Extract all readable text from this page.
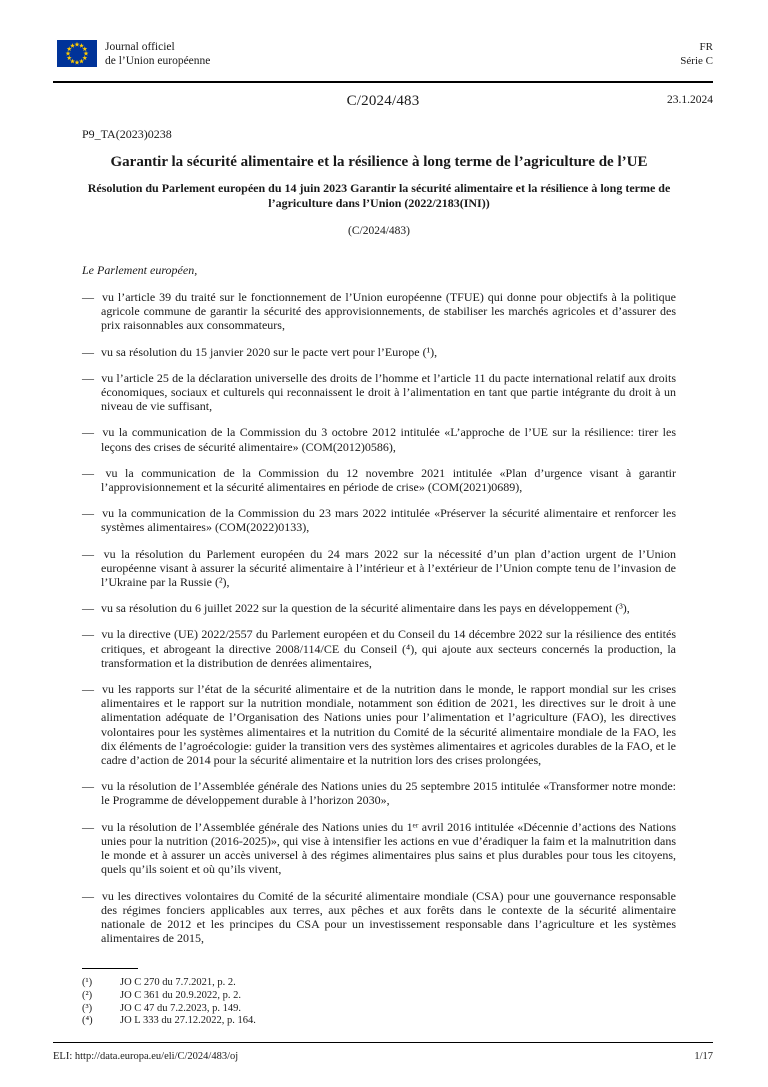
Journal officiel
de l’Union européenne
FR
Série C
C/2024/483	23.1.2024
P9_TA(2023)0238
Garantir la sécurité alimentaire et la résilience à long terme de l’agriculture de l’UE
Résolution du Parlement européen du 14 juin 2023 Garantir la sécurité alimentaire et la résilience à long terme de l’agriculture dans l’Union (2022/2183(INI))
(C/2024/483)
Le Parlement européen,
— vu l’article 39 du traité sur le fonctionnement de l’Union européenne (TFUE) qui donne pour objectifs à la politique agricole commune de garantir la sécurité des approvisionnements, de stabiliser les marchés agricoles et d’assurer des prix raisonnables aux consommateurs,
— vu sa résolution du 15 janvier 2020 sur le pacte vert pour l’Europe (¹),
— vu l’article 25 de la déclaration universelle des droits de l’homme et l’article 11 du pacte international relatif aux droits économiques, sociaux et culturels qui reconnaissent le droit à l’alimentation en tant que partie intégrante du droit à un niveau de vie suffisant,
— vu la communication de la Commission du 3 octobre 2012 intitulée «L’approche de l’UE sur la résilience: tirer les leçons des crises de sécurité alimentaire» (COM(2012)0586),
— vu la communication de la Commission du 12 novembre 2021 intitulée «Plan d’urgence visant à garantir l’approvisionnement et la sécurité alimentaires en période de crise» (COM(2021)0689),
— vu la communication de la Commission du 23 mars 2022 intitulée «Préserver la sécurité alimentaire et renforcer les systèmes alimentaires» (COM(2022)0133),
— vu la résolution du Parlement européen du 24 mars 2022 sur la nécessité d’un plan d’action urgent de l’Union européenne visant à assurer la sécurité alimentaire à l’intérieur et à l’extérieur de l’Union compte tenu de l’invasion de l’Ukraine par la Russie (²),
— vu sa résolution du 6 juillet 2022 sur la question de la sécurité alimentaire dans les pays en développement (³),
— vu la directive (UE) 2022/2557 du Parlement européen et du Conseil du 14 décembre 2022 sur la résilience des entités critiques, et abrogeant la directive 2008/114/CE du Conseil (⁴), qui ajoute aux secteurs concernés la production, la transformation et la distribution de denrées alimentaires,
— vu les rapports sur l’état de la sécurité alimentaire et de la nutrition dans le monde, le rapport mondial sur les crises alimentaires et le rapport sur la nutrition mondiale, notamment son édition de 2021, les directives sur le droit à une alimentation adéquate de l’Organisation des Nations unies pour l’alimentation et l’agriculture (FAO), les directives volontaires pour les systèmes alimentaires et la nutrition du Comité de la sécurité alimentaire mondiale de la FAO, les dix éléments de l’agroécologie: guider la transition vers des systèmes alimentaires et agricoles durables de la FAO, et le cadre d’action de 2014 pour la sécurité alimentaire et la nutrition lors des crises prolongées,
— vu la résolution de l’Assemblée générale des Nations unies du 25 septembre 2015 intitulée «Transformer notre monde: le Programme de développement durable à l’horizon 2030»,
— vu la résolution de l’Assemblée générale des Nations unies du 1ᵉʳ avril 2016 intitulée «Décennie d’actions des Nations unies pour la nutrition (2016-2025)», qui vise à intensifier les actions en vue d’éradiquer la faim et la malnutrition dans le monde et à assurer un accès universel à des régimes alimentaires plus sains et plus durables pour tous les citoyens, quels qu’ils soient et où qu’ils vivent,
— vu les directives volontaires du Comité de la sécurité alimentaire mondiale (CSA) pour une gouvernance responsable des régimes fonciers applicables aux terres, aux pêches et aux forêts dans le contexte de la sécurité alimentaire nationale de 2012 et les principes du CSA pour un investissement responsable dans l’agriculture et les systèmes alimentaires de 2015,
(¹)	JO C 270 du 7.7.2021, p. 2.
(²)	JO C 361 du 20.9.2022, p. 2.
(³)	JO C 47 du 7.2.2023, p. 149.
(⁴)	JO L 333 du 27.12.2022, p. 164.
ELI: http://data.europa.eu/eli/C/2024/483/oj	1/17
